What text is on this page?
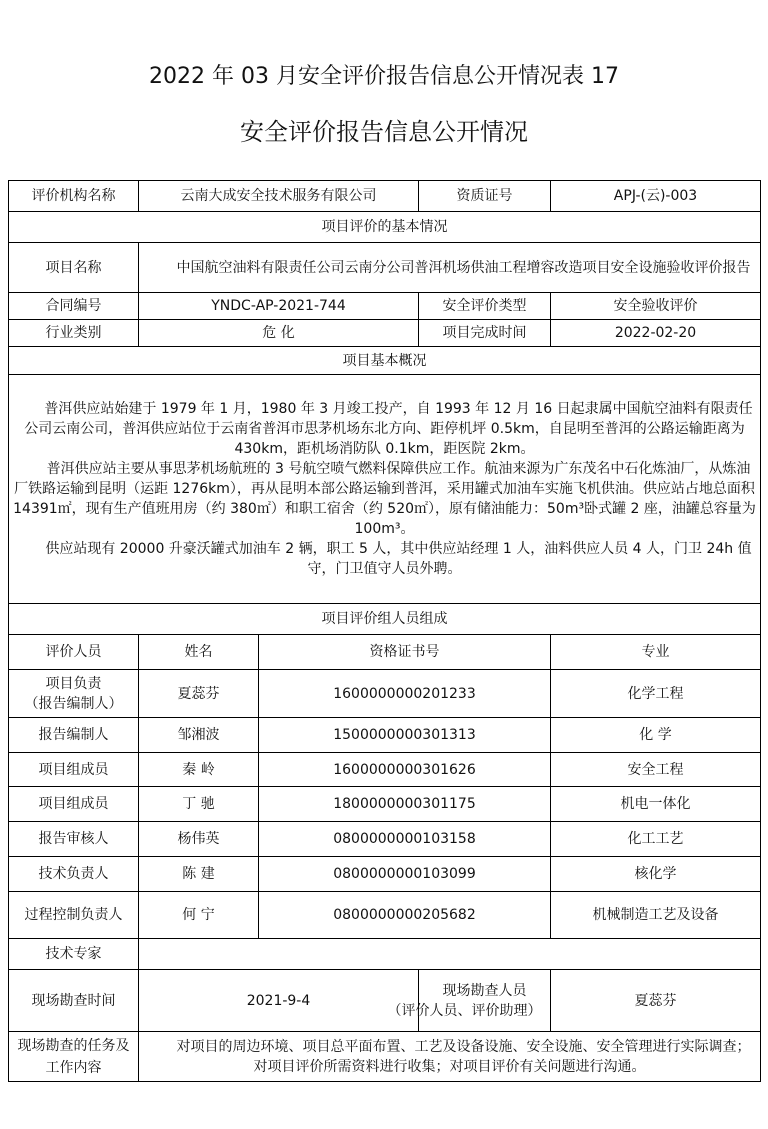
2022 年 03 月安全评价报告信息公开情况表 17
安全评价报告信息公开情况
评价机构名称	云南大成安全技术服务有限公司		资质证号	APJ-(云)-003
项目评价的基本情况				
项目名称	中国航空油料有限责任公司云南分公司普洱机场供油工程增容改造项目安全设施验收评价报告			

合同编号	YNDC-AP-2021-744		安全评价类型	安全验收评价
行业类别	危 化		项目完成时间	2022-02-20
项目基本概况				

普洱供应站始建于 1979 年 1 月，1980 年 3 月竣工投产，自 1993 年 12 月 16 日起隶属中国航空油料有限责任公司云南公司，普洱供应站位于云南省普洱市思茅机场东北方向、距停机坪 0.5km，自昆明至普洱的公路运输距离为 430km，距机场消防队 0.1km，距医院 2km。

普洱供应站主要从事思茅机场航班的 3 号航空喷气燃料保障供应工作。航油来源为广东茂名中石化炼油厂，从炼油厂铁路运输到昆明（运距 1276km），再从昆明本部公路运输到普洱，采用罐式加油车实施飞机供油。供应站占地总面积 14391㎡，现有生产值班用房（约 380㎡）和职工宿舍（约 520㎡），原有储油能力：50m³卧式罐 2 座，油罐总容量为 100m³。

供应站现有 20000 升豪沃罐式加油车 2 辆，职工 5 人，其中供应站经理 1 人，油料供应人员 4 人，门卫 24h 值守，门卫值守人员外聘。				

项目评价组人员组成				
评价人员	姓名	资格证书号		专业
项目负责
（报告编制人）	夏蕊芬	1600000000201233		化学工程
报告编制人	邹湘波	1500000000301313		化 学
项目组成员	秦 岭	1600000000301626		安全工程
项目组成员	丁 驰	1800000000301175		机电一体化
报告审核人	杨伟英	0800000000103158		化工工艺
技术负责人	陈 建	0800000000103099		核化学
过程控制负责人	何 宁	0800000000205682		机械制造工艺及设备
技术专家				
现场勘查时间	2021-9-4		现场勘查人员
（评价人员、评价助理）	夏蕊芬
现场勘查的任务及工作内容	对项目的周边环境、项目总平面布置、工艺及设备设施、安全设施、安全管理进行实际调查；对项目评价所需资料进行收集；对项目评价有关问题进行沟通。			
